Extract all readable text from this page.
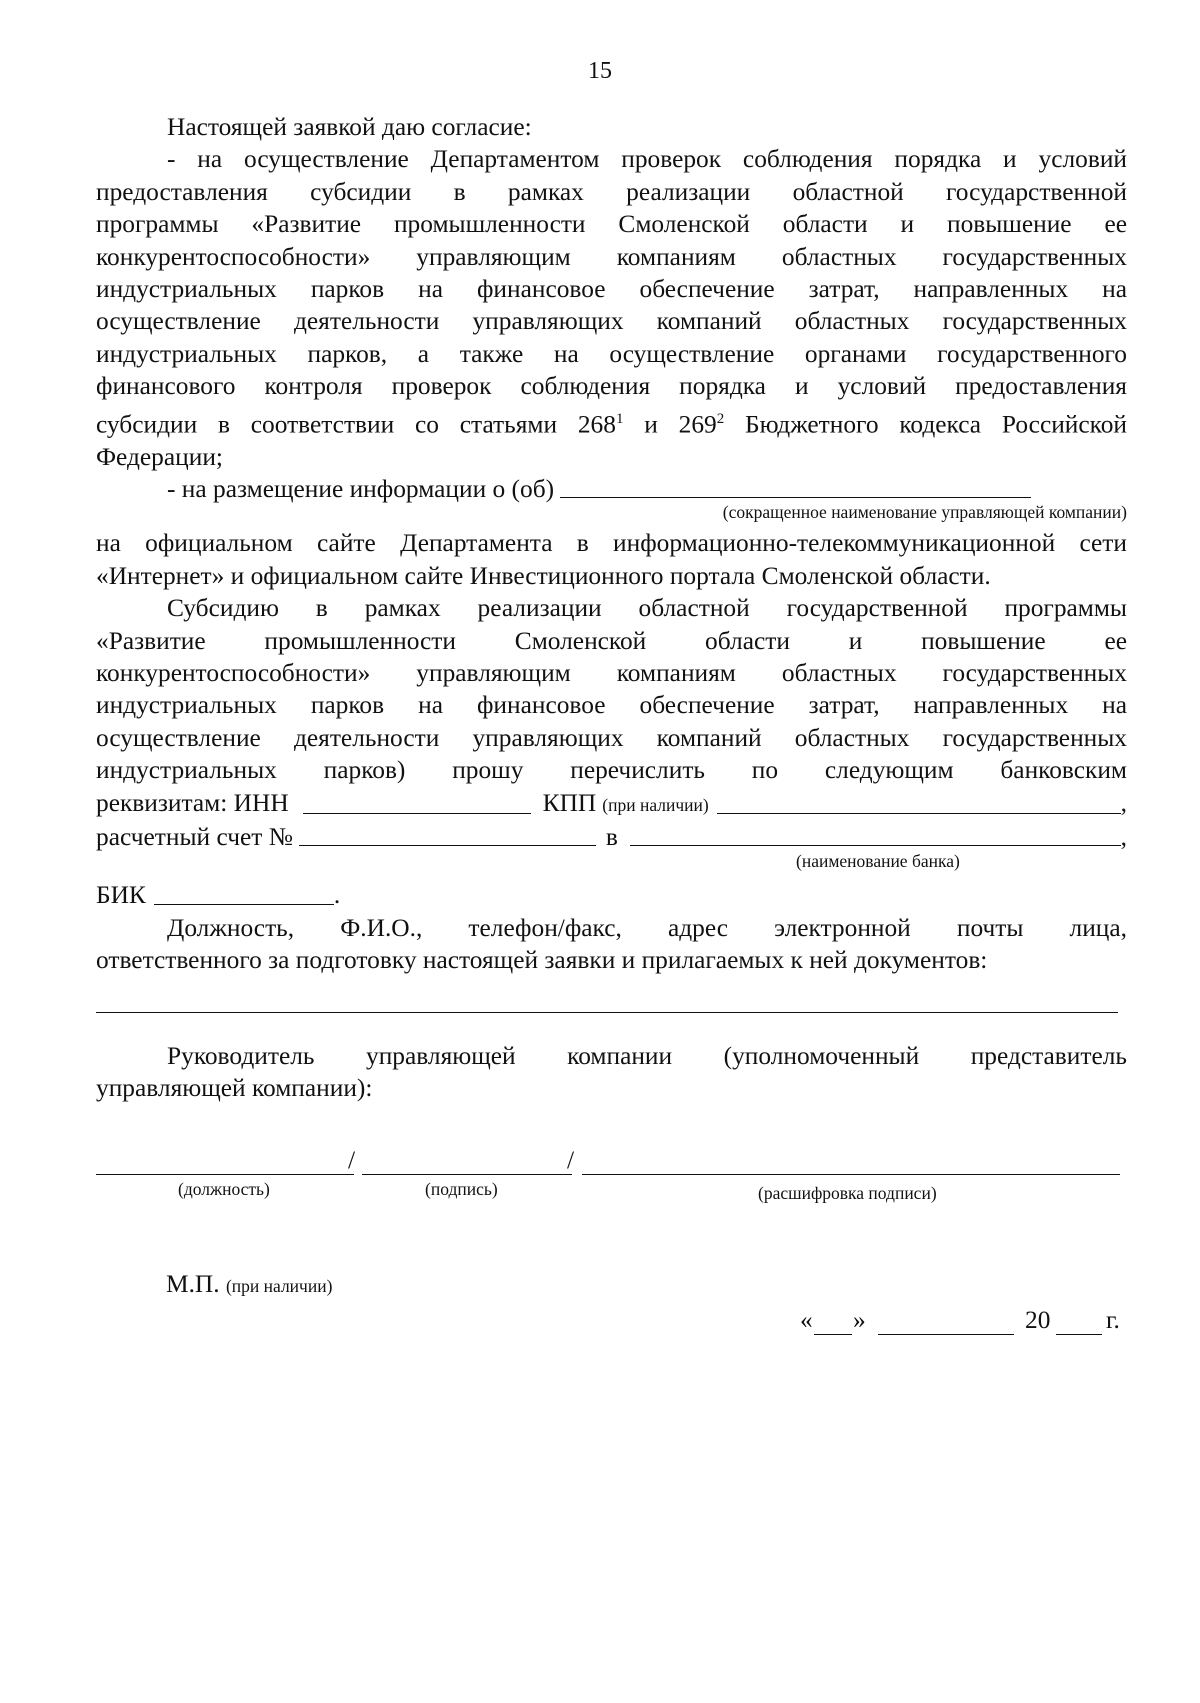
15

Настоящей заявкой даю согласие:

- на осуществление Департаментом проверок соблюдения порядка и условий
предоставления субсидии в рамках реализации областной государственной
программы «Развитие промышленности Смоленской области и повышение ее
конкурентоспособности» управляющим компаниям областных государственных
индустриальных парков на финансовое обеспечение затрат, направленных на
осуществление деятельности управляющих компаний областных государственных
индустриальных парков, а также на осуществление органами государственного
финансового контроля проверок соблюдения порядка и условий предоставления
субсидии в соответствии со статьями $268^1$ и $269^2$ Бюджетного кодекса Российской
Федерации;
- на размещение информации о (об)
(сокращенное наименование управляющей компании)
на официальном сайте Департамента в информационно-телекоммуникационной сети
«Интернет» и официальном сайте Инвестиционного портала Смоленской области.
Субсидию в рамках реализации областной государственной программы
«Развитие промышленности Смоленской области и повышение ее
конкурентоспособности» управляющим компаниям областных государственных
индустриальных парков на финансовое обеспечение затрат, направленных на
осуществление деятельности управляющих компаний областных государственных
индустриальных парков) прошу перечислить по следующим банковским
реквизитам: ИНН	КПП (при наличии)	,
расчетный счет №	в	,
(наименование банка)
БИК	.
Должность, Ф.И.О., телефон/факс, адрес электронной почты лица,
ответственного за подготовку настоящей заявки и прилагаемых к ней документов:
Руководитель управляющей компании (уполномоченный представитель
управляющей компании):
/	/
(должность)	(подпись)	(расшифровка подписи)
М.П. (при наличии)
« »	20 г.
